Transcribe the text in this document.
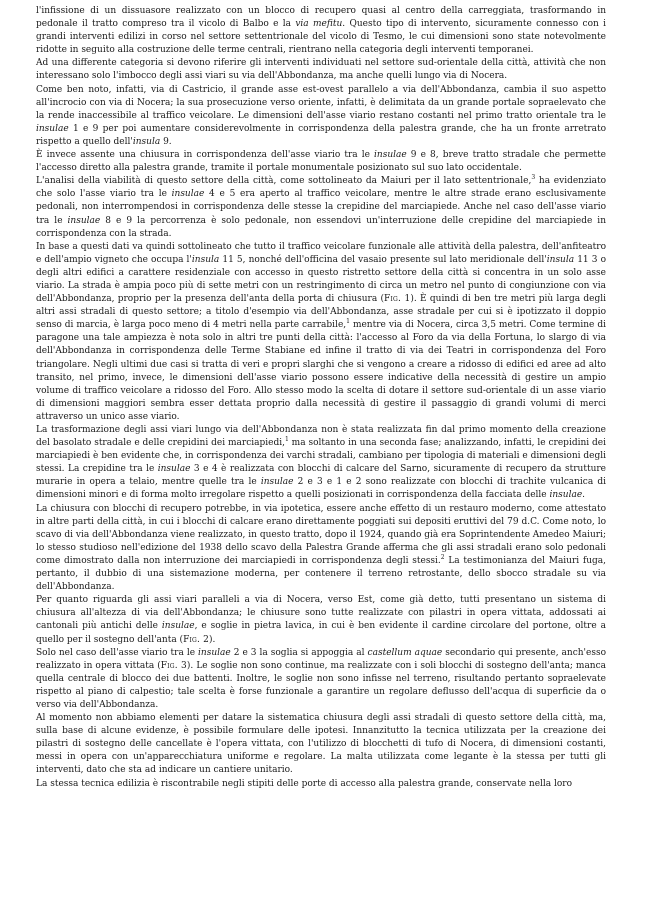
l'infissione di un dissuasore realizzato con un blocco di recupero quasi al centro della carreggiata, trasformando in pedonale il tratto compreso tra il vicolo di Balbo e la via mefitu. Questo tipo di intervento, sicuramente connesso con i grandi interventi edilizi in corso nel settore settentrionale del vicolo di Tesmo, le cui dimensioni sono state notevolmente ridotte in seguito alla costruzione delle terme centrali, rientrano nella categoria degli interventi temporanei.

Ad una differente categoria si devono riferire gli interventi individuati nel settore sud-orientale della città, attività che non interessano solo l'imbocco degli assi viari su via dell'Abbondanza, ma anche quelli lungo via di Nocera.

Come ben noto, infatti, via di Castricio, il grande asse est-ovest parallelo a via dell'Abbondanza, cambia il suo aspetto all'incrocio con via di Nocera; la sua prosecuzione verso oriente, infatti, è delimitata da un grande portale sopraelevato che la rende inaccessibile al traffico veicolare. Le dimensioni dell'asse viario restano costanti nel primo tratto orientale tra le insulae 1 e 9 per poi aumentare considerevolmente in corrispondenza della palestra grande, che ha un fronte arretrato rispetto a quello dell'insula 9.

È invece assente una chiusura in corrispondenza dell'asse viario tra le insulae 9 e 8, breve tratto stradale che permette l'accesso diretto alla palestra grande, tramite il portale monumentale posizionato sul suo lato occidentale.

L'analisi della viabilità di questo settore della città, come sottolineato da Maiuri per il lato settentrionale,$^3$ ha evidenziato che solo l'asse viario tra le insulae 4 e 5 era aperto al traffico veicolare, mentre le altre strade erano esclusivamente pedonali, non interrompendosi in corrispondenza delle stesse la crepidine del marciapiede. Anche nel caso dell'asse viario tra le insulae 8 e 9 la percorrenza è solo pedonale, non essendovi un'interruzione delle crepidine del marciapiede in corrispondenza con la strada.

In base a questi dati va quindi sottolineato che tutto il traffico veicolare funzionale alle attività della palestra, dell'anfiteatro e dell'ampio vigneto che occupa l'insula 11 5, nonché dell'officina del vasaio presente sul lato meridionale dell'insula 11 3 o degli altri edifici a carattere residenziale con accesso in questo ristretto settore della città si concentra in un solo asse viario. La strada è ampia poco più di sette metri con un restringimento di circa un metro nel punto di congiunzione con via dell'Abbondanza, proprio per la presenza dell'anta della porta di chiusura (Fig. 1). È quindi di ben tre metri più larga degli altri assi stradali di questo settore; a titolo d'esempio via dell'Abbondanza, asse stradale per cui si è ipotizzato il doppio senso di marcia, è larga poco meno di 4 metri nella parte carrabile,$^1$ mentre via di Nocera, circa 3,5 metri. Come termine di paragone una tale ampiezza è nota solo in altri tre punti della città: l'accesso al Foro da via della Fortuna, lo slargo di via dell'Abbondanza in corrispondenza delle Terme Stabiane ed infine il tratto di via dei Teatri in corrispondenza del Foro triangolare. Negli ultimi due casi si tratta di veri e propri slarghi che si vengono a creare a ridosso di edifici ed aree ad alto transito, nel primo, invece, le dimensioni dell'asse viario possono essere indicative della necessità di gestire un ampio volume di traffico veicolare a ridosso del Foro. Allo stesso modo la scelta di dotare il settore sud-orientale di un asse viario di dimensioni maggiori sembra esser dettata proprio dalla necessità di gestire il passaggio di grandi volumi di merci attraverso un unico asse viario.

La trasformazione degli assi viari lungo via dell'Abbondanza non è stata realizzata fin dal primo momento della creazione del basolato stradale e delle crepidini dei marciapiedi,$^1$ ma soltanto in una seconda fase; analizzando, infatti, le crepidini dei marciapiedi è ben evidente che, in corrispondenza dei varchi stradali, cambiano per tipologia di materiali e dimensioni degli stessi. La crepidine tra le insulae 3 e 4 è realizzata con blocchi di calcare del Sarno, sicuramente di recupero da strutture murarie in opera a telaio, mentre quelle tra le insulae 2 e 3 e 1 e 2 sono realizzate con blocchi di trachite vulcanica di dimensioni minori e di forma molto irregolare rispetto a quelli posizionati in corrispondenza della facciata delle insulae.

La chiusura con blocchi di recupero potrebbe, in via ipotetica, essere anche effetto di un restauro moderno, come attestato in altre parti della città, in cui i blocchi di calcare erano direttamente poggiati sui depositi eruttivi del 79 d.C. Come noto, lo scavo di via dell'Abbondanza viene realizzato, in questo tratto, dopo il 1924, quando già era Soprintendente Amedeo Maiuri; lo stesso studioso nell'edizione del 1938 dello scavo della Palestra Grande afferma che gli assi stradali erano solo pedonali come dimostrato dalla non interruzione dei marciapiedi in corrispondenza degli stessi.$^2$ La testimonianza del Maiuri fuga, pertanto, il dubbio di una sistemazione moderna, per contenere il terreno retrostante, dello sbocco stradale su via dell'Abbondanza.

Per quanto riguarda gli assi viari paralleli a via di Nocera, verso Est, come già detto, tutti presentano un sistema di chiusura all'altezza di via dell'Abbondanza; le chiusure sono tutte realizzate con pilastri in opera vittata, addossati ai cantonali più antichi delle insulae, e soglie in pietra lavica, in cui è ben evidente il cardine circolare del portone, oltre a quello per il sostegno dell'anta (Fig. 2).

Solo nel caso dell'asse viario tra le insulae 2 e 3 la soglia si appoggia al castellum aquae secondario qui presente, anch'esso realizzato in opera vittata (Fig. 3). Le soglie non sono continue, ma realizzate con i soli blocchi di sostegno dell'anta; manca quella centrale di blocco dei due battenti. Inoltre, le soglie non sono infisse nel terreno, risultando pertanto sopraelevate rispetto al piano di calpestio; tale scelta è forse funzionale a garantire un regolare deflusso dell'acqua di superficie da o verso via dell'Abbondanza.

Al momento non abbiamo elementi per datare la sistematica chiusura degli assi stradali di questo settore della città, ma, sulla base di alcune evidenze, è possibile formulare delle ipotesi. Innanzitutto la tecnica utilizzata per la creazione dei pilastri di sostegno delle cancellate è l'opera vittata, con l'utilizzo di blocchetti di tufo di Nocera, di dimensioni costanti, messi in opera con un'apparecchiatura uniforme e regolare. La malta utilizzata come legante è la stessa per tutti gli interventi, dato che sta ad indicare un cantiere unitario.

La stessa tecnica edilizia è riscontrabile negli stipiti delle porte di accesso alla palestra grande, conservate nella loro
